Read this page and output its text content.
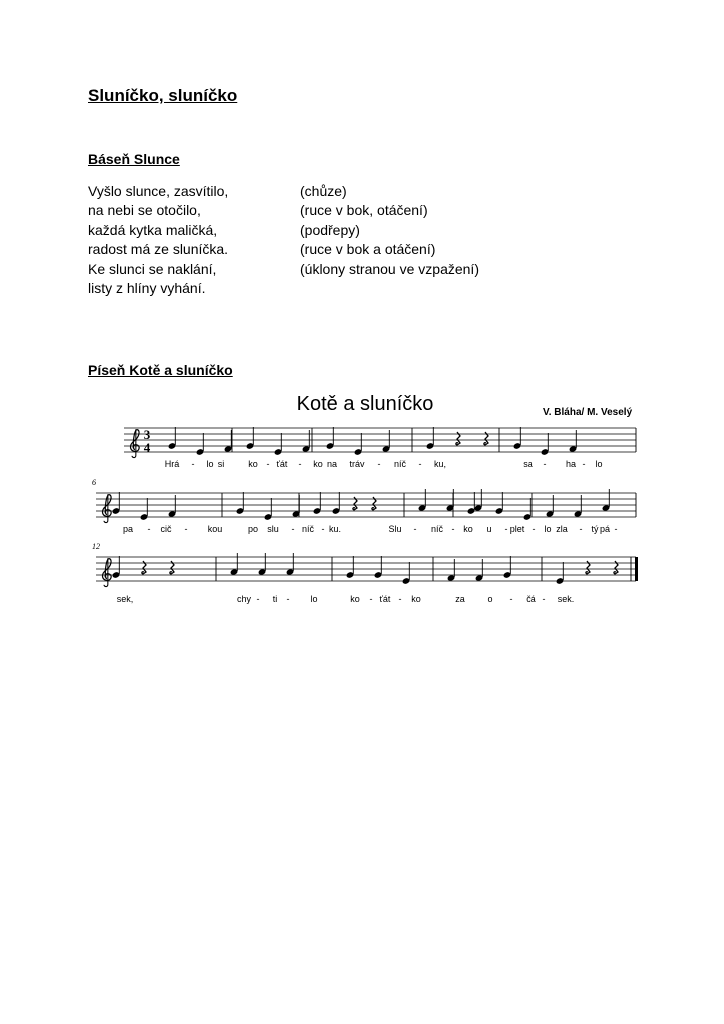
Sluníčko, sluníčko
Báseň Slunce
Vyšlo slunce, zasvítilo,	(chůze)
na nebi se otočilo,	(ruce v bok, otáčení)
každá kytka maličká,	(podřepy)
radost má ze sluníčka.	(ruce v bok a otáčení)
Ke slunci se naklání,	(úklony stranou ve vzpažení)
listy z hlíny vyhání.
Píseň Kotě a sluníčko
Kotě a sluníčko	V. Bláha/ M. Veselý
3
4
Hrá - lo si	ko - ťát - ko na tráv - níč - ku,	sa - ha - lo
6
pa - cič - kou	po slu - níč - ku.	Slu - níč - ko u - plet - lo zla - tý pá -
12
sek,	chy - ti - lo	ko - ťát - ko	za	o - čá - sek.
